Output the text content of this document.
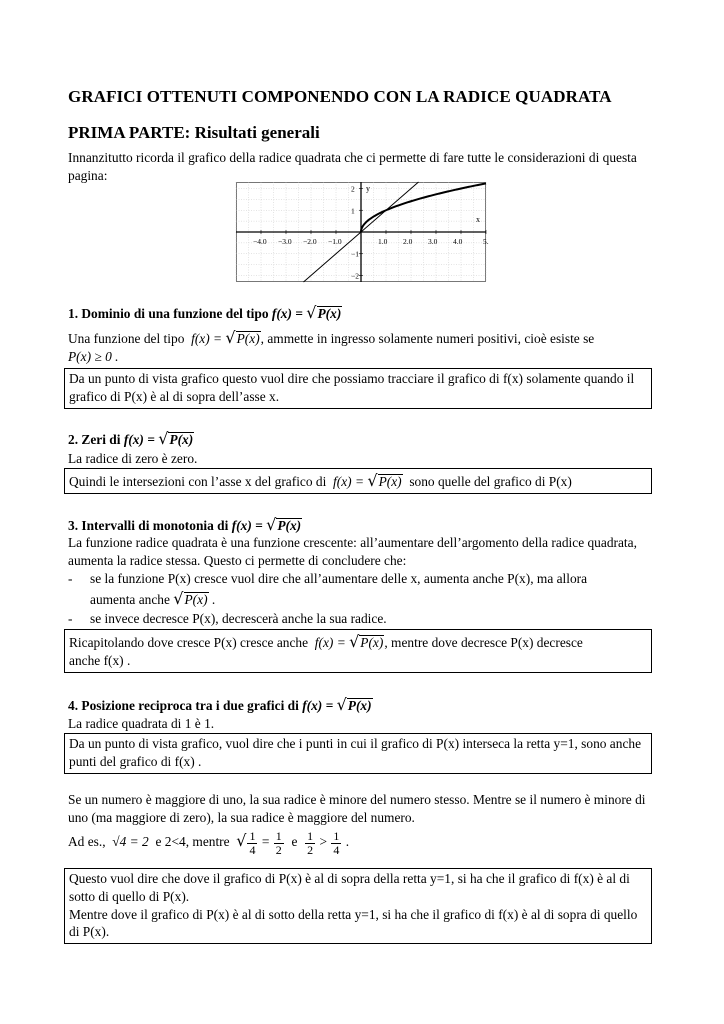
GRAFICI OTTENUTI COMPONENDO CON LA RADICE QUADRATA
PRIMA PARTE: Risultati generali
Innanzitutto ricorda il grafico della radice quadrata che ci permette di fare tutte le considerazioni di questa pagina:
x
y
−4.0 −3.0 −2.0 −1.0	1.0 2.0 3.0 4.0	5.
2
1
−1
−2
1. Dominio di una funzione del tipo f(x) = √P(x)
Una funzione del tipo f(x) = √P(x), ammette in ingresso solamente numeri positivi, cioè esiste se
P(x) ≥ 0 .
Da un punto di vista grafico questo vuol dire che possiamo tracciare il grafico di f(x) solamente quando il grafico di P(x) è al di sopra dell’asse x.
2. Zeri di f(x) = √P(x)
La radice di zero è zero.
Quindi le intersezioni con l’asse x del grafico di f(x) = √P(x) sono quelle del grafico di P(x)
3. Intervalli di monotonia di f(x) = √P(x)
La funzione radice quadrata è una funzione crescente: all’aumentare dell’argomento della radice quadrata, aumenta la radice stessa. Questo ci permette di concludere che:
- se la funzione P(x) cresce vuol dire che all’aumentare delle x, aumenta anche P(x), ma allora
aumenta anche √P(x) .
- se invece decresce P(x), decrescerà anche la sua radice.
Ricapitolando dove cresce P(x) cresce anche f(x) = √P(x), mentre dove decresce P(x) decresce
anche f(x) .
4. Posizione reciproca tra i due grafici di f(x) = √P(x)
La radice quadrata di 1 è 1.
Da un punto di vista grafico, vuol dire che i punti in cui il grafico di P(x) interseca la retta y=1, sono anche punti del grafico di f(x) .
Se un numero è maggiore di uno, la sua radice è minore del numero stesso. Mentre se il numero è minore di uno (ma maggiore di zero), la sua radice è maggiore del numero.
Ad es., √4 = 2 e 2<4, mentre √ $\frac{1}{4} = \frac{1}{2}$ e $\frac{1}{2} > \frac{1}{4}$ .
Questo vuol dire che dove il grafico di P(x) è al di sopra della retta y=1, si ha che il grafico di f(x) è al di sotto di quello di P(x).
Mentre dove il grafico di P(x) è al di sotto della retta y=1, si ha che il grafico di f(x) è al di sopra di quello di P(x).
